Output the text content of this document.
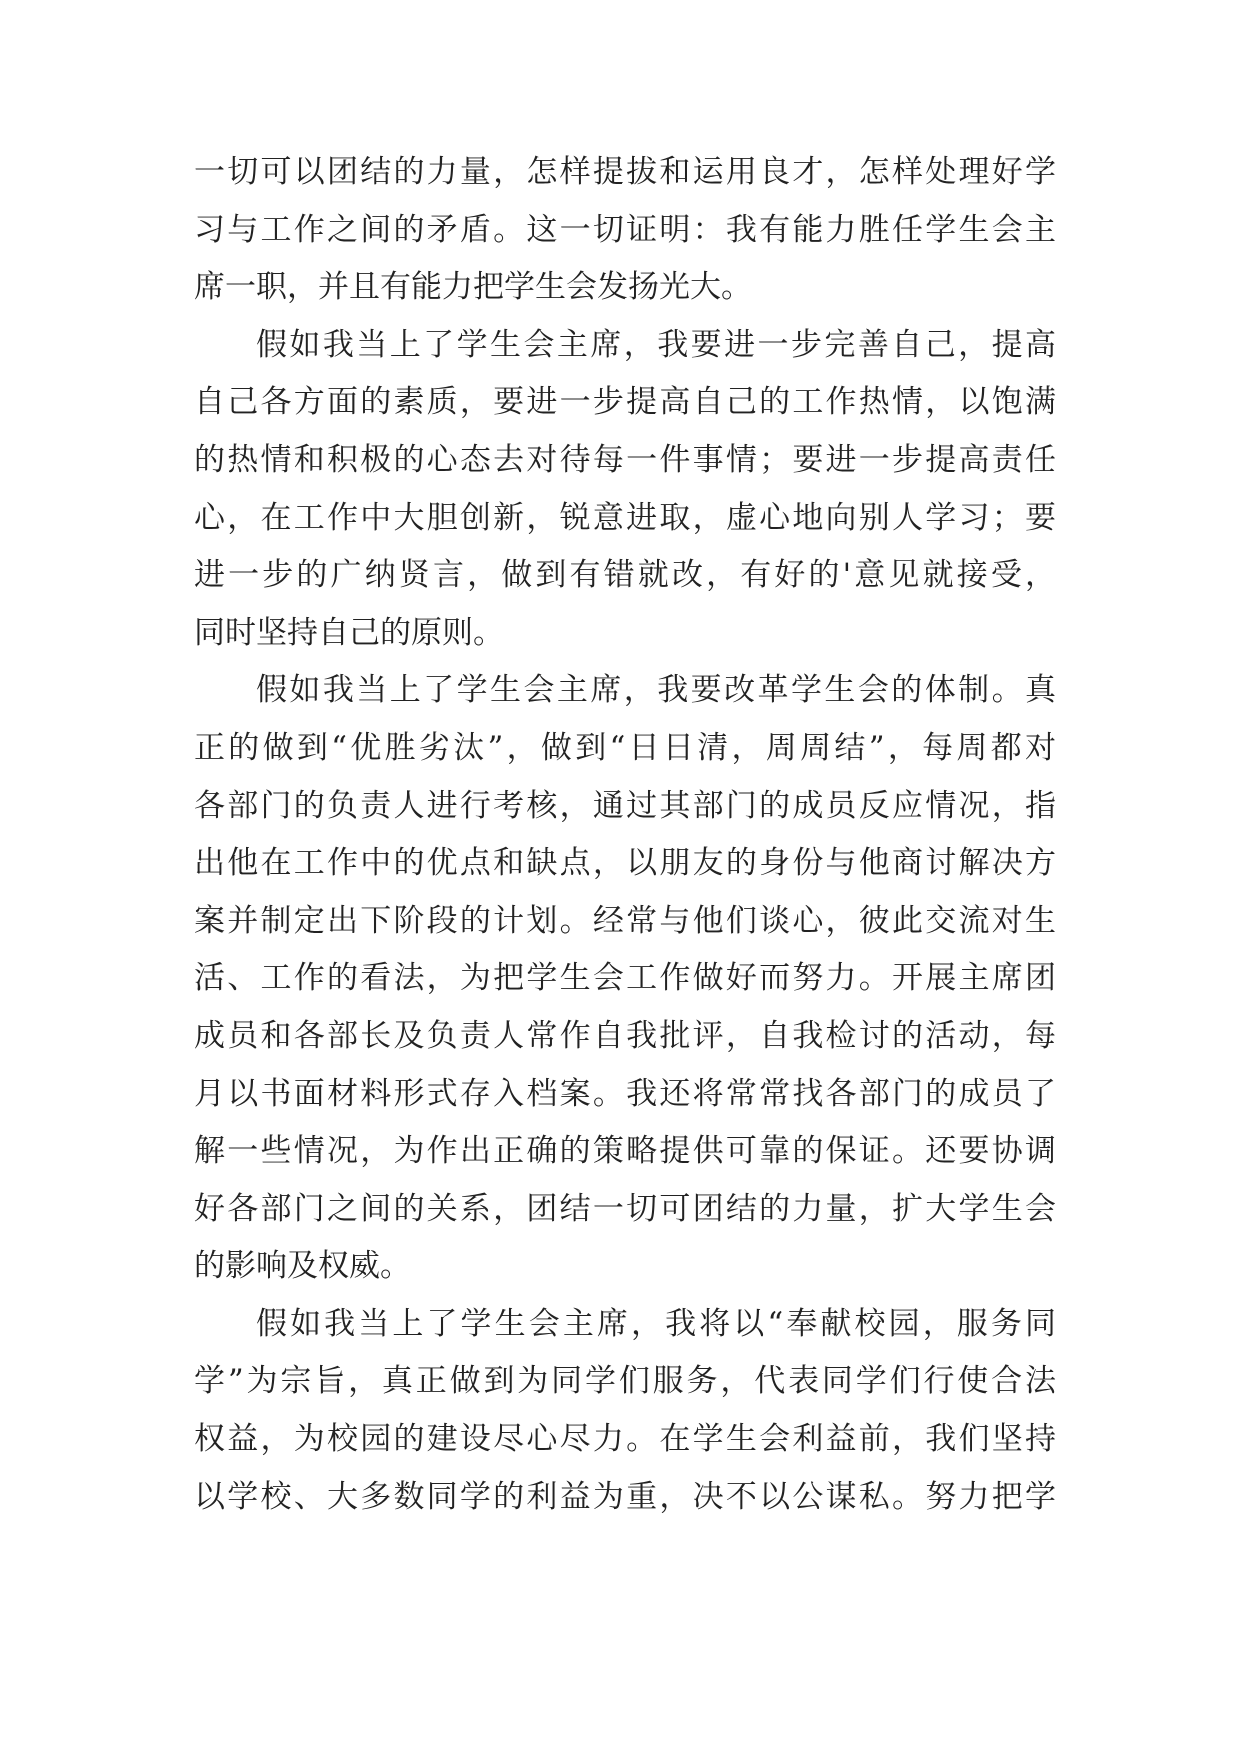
一切可以团结的力量，怎样提拔和运用良才，怎样处理好学
习与工作之间的矛盾。这一切证明：我有能力胜任学生会主
席一职，并且有能力把学生会发扬光大。
假如我当上了学生会主席，我要进一步完善自己，提高
自己各方面的素质，要进一步提高自己的工作热情，以饱满
的热情和积极的心态去对待每一件事情；要进一步提高责任
心，在工作中大胆创新，锐意进取，虚心地向别人学习；要
进一步的广纳贤言，做到有错就改，有好的'意见就接受，
同时坚持自己的原则。
假如我当上了学生会主席，我要改革学生会的体制。真
正的做到“优胜劣汰”，做到“日日清，周周结”，每周都对
各部门的负责人进行考核，通过其部门的成员反应情况，指
出他在工作中的优点和缺点，以朋友的身份与他商讨解决方
案并制定出下阶段的计划。经常与他们谈心，彼此交流对生
活、工作的看法，为把学生会工作做好而努力。开展主席团
成员和各部长及负责人常作自我批评，自我检讨的活动，每
月以书面材料形式存入档案。我还将常常找各部门的成员了
解一些情况，为作出正确的策略提供可靠的保证。还要协调
好各部门之间的关系，团结一切可团结的力量，扩大学生会
的影响及权威。
假如我当上了学生会主席，我将以“奉献校园，服务同
学”为宗旨，真正做到为同学们服务，代表同学们行使合法
权益，为校园的建设尽心尽力。在学生会利益前，我们坚持
以学校、大多数同学的利益为重，决不以公谋私。努力把学
